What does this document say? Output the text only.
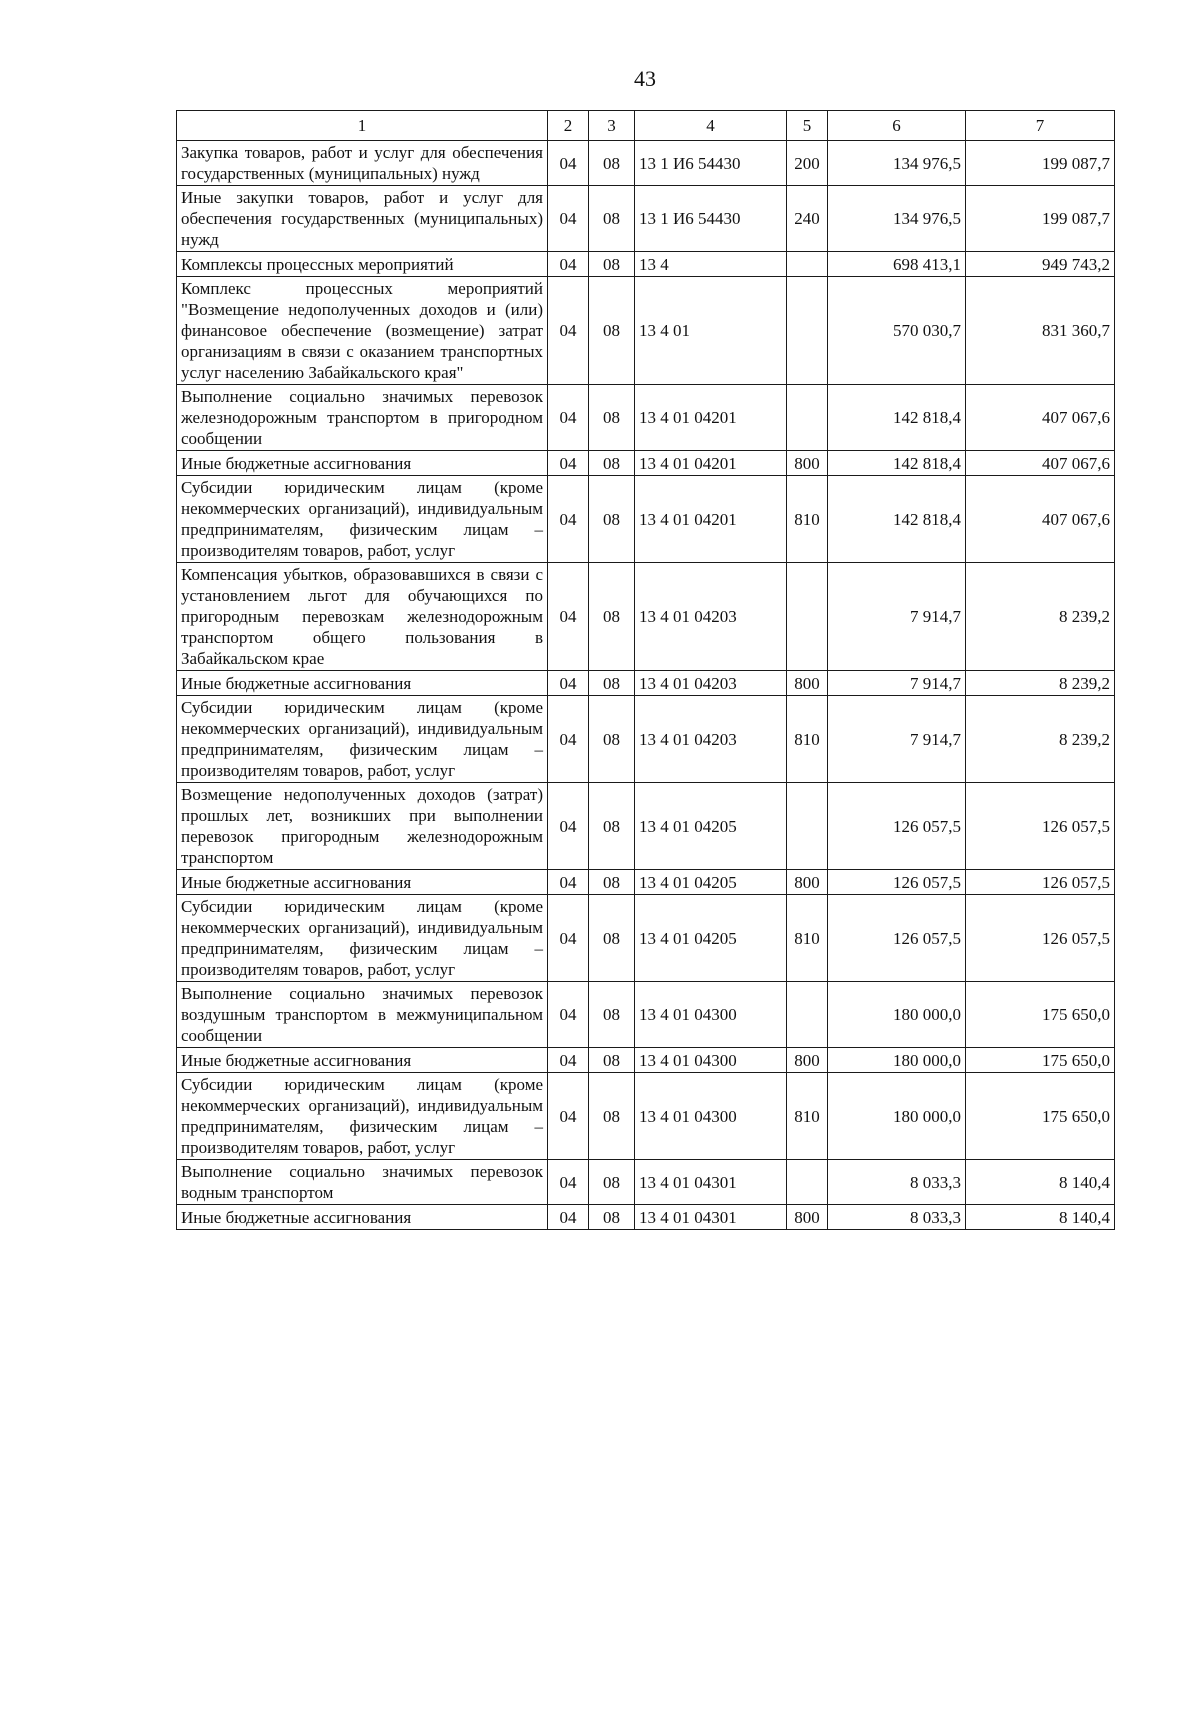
43
1	2	3	4	5	6	7
Закупка товаров, работ и услуг для обеспечения государственных (муниципальных) нужд	04	08	13 1 И6 54430	200	134 976,5	199 087,7
Иные закупки товаров, работ и услуг для обеспечения государственных (муниципальных) нужд	04	08	13 1 И6 54430	240	134 976,5	199 087,7
Комплексы процессных мероприятий	04	08	13 4		698 413,1	949 743,2
Комплекс процессных мероприятий "Возмещение недополученных доходов и (или) финансовое обеспечение (возмещение) затрат организациям в связи с оказанием транспортных услуг населению Забайкальского края"	04	08	13 4 01		570 030,7	831 360,7
Выполнение социально значимых перевозок железнодорожным транспортом в пригородном сообщении	04	08	13 4 01 04201		142 818,4	407 067,6
Иные бюджетные ассигнования	04	08	13 4 01 04201	800	142 818,4	407 067,6
Субсидии юридическим лицам (кроме некоммерческих организаций), индивидуальным предпринимателям, физическим лицам – производителям товаров, работ, услуг	04	08	13 4 01 04201	810	142 818,4	407 067,6
Компенсация убытков, образовавшихся в связи с установлением льгот для обучающихся по пригородным перевозкам железнодорожным транспортом общего пользования в Забайкальском крае	04	08	13 4 01 04203		7 914,7	8 239,2
Иные бюджетные ассигнования	04	08	13 4 01 04203	800	7 914,7	8 239,2
Субсидии юридическим лицам (кроме некоммерческих организаций), индивидуальным предпринимателям, физическим лицам – производителям товаров, работ, услуг	04	08	13 4 01 04203	810	7 914,7	8 239,2
Возмещение недополученных доходов (затрат) прошлых лет, возникших при выполнении перевозок пригородным железнодорожным транспортом	04	08	13 4 01 04205		126 057,5	126 057,5
Иные бюджетные ассигнования	04	08	13 4 01 04205	800	126 057,5	126 057,5
Субсидии юридическим лицам (кроме некоммерческих организаций), индивидуальным предпринимателям, физическим лицам – производителям товаров, работ, услуг	04	08	13 4 01 04205	810	126 057,5	126 057,5
Выполнение социально значимых перевозок воздушным транспортом в межмуниципальном сообщении	04	08	13 4 01 04300		180 000,0	175 650,0
Иные бюджетные ассигнования	04	08	13 4 01 04300	800	180 000,0	175 650,0
Субсидии юридическим лицам (кроме некоммерческих организаций), индивидуальным предпринимателям, физическим лицам – производителям товаров, работ, услуг	04	08	13 4 01 04300	810	180 000,0	175 650,0
Выполнение социально значимых перевозок водным транспортом	04	08	13 4 01 04301		8 033,3	8 140,4
Иные бюджетные ассигнования	04	08	13 4 01 04301	800	8 033,3	8 140,4
